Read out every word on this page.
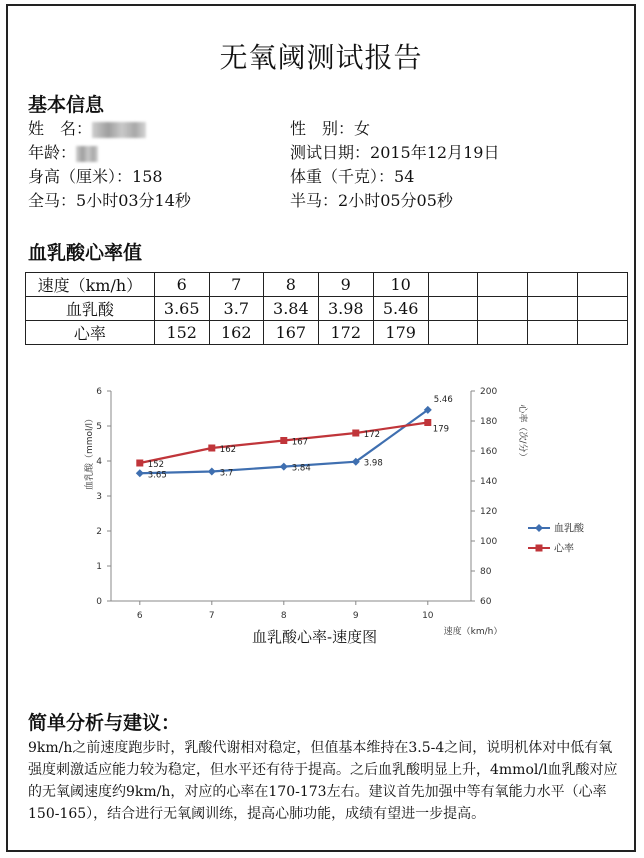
无氧阈测试报告
基本信息
姓　名：	性　别：女
年龄：	测试日期：2015年12月19日
身高（厘米）：158	体重（千克）：54
全马：5小时03分14秒	半马：2小时05分05秒
血乳酸心率值
速度（km/h）	6	7	8	9	10				
血乳酸	3.65	3.7	3.84	3.98	5.46				
心率	152	162	167	172	179				
0
1
2
3
4
5
6
60
80
100
120
140
160
180
200
6	7	8	9	10
血乳酸（mmol/l）	心率（次/分）
速度（km/h）
3.65	3.7	3.84	3.98
5.46
152
162
167
172
179
血乳酸
心率
血乳酸心率-速度图
简单分析与建议：
9km/h之前速度跑步时，乳酸代谢相对稳定，但值基本维持在3.5-4之间，说明机体对中低有氧强度刺激适应能力较为稳定，但水平还有待于提高。之后血乳酸明显上升，4mmol/l血乳酸对应的无氧阈速度约9km/h，对应的心率在170-173左右。建议首先加强中等有氧能力水平（心率150-165），结合进行无氧阈训练，提高心肺功能，成绩有望进一步提高。
